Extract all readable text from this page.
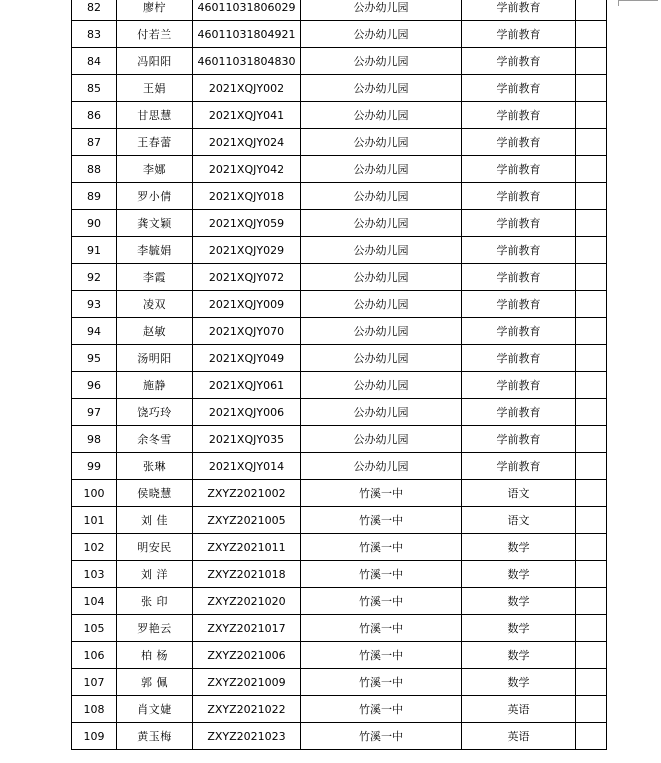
82	廖柠	46011031806029	公办幼儿园	学前教育	
83	付若兰	46011031804921	公办幼儿园	学前教育	
84	冯阳阳	46011031804830	公办幼儿园	学前教育	
85	王娟	2021XQJY002	公办幼儿园	学前教育	
86	甘思慧	2021XQJY041	公办幼儿园	学前教育	
87	王春蕾	2021XQJY024	公办幼儿园	学前教育	
88	李娜	2021XQJY042	公办幼儿园	学前教育	
89	罗小倩	2021XQJY018	公办幼儿园	学前教育	
90	龚文颖	2021XQJY059	公办幼儿园	学前教育	
91	李毓娟	2021XQJY029	公办幼儿园	学前教育	
92	李霞	2021XQJY072	公办幼儿园	学前教育	
93	凌双	2021XQJY009	公办幼儿园	学前教育	
94	赵敏	2021XQJY070	公办幼儿园	学前教育	
95	汤明阳	2021XQJY049	公办幼儿园	学前教育	
96	施静	2021XQJY061	公办幼儿园	学前教育	
97	饶巧玲	2021XQJY006	公办幼儿园	学前教育	
98	余冬雪	2021XQJY035	公办幼儿园	学前教育	
99	张琳	2021XQJY014	公办幼儿园	学前教育	
100	侯晓慧	ZXYZ2021002	竹溪一中	语文	
101	刘 佳	ZXYZ2021005	竹溪一中	语文	
102	明安民	ZXYZ2021011	竹溪一中	数学	
103	刘 洋	ZXYZ2021018	竹溪一中	数学	
104	张 印	ZXYZ2021020	竹溪一中	数学	
105	罗艳云	ZXYZ2021017	竹溪一中	数学	
106	柏 杨	ZXYZ2021006	竹溪一中	数学	
107	郭 佩	ZXYZ2021009	竹溪一中	数学	
108	肖文婕	ZXYZ2021022	竹溪一中	英语	
109	黄玉梅	ZXYZ2021023	竹溪一中	英语	
